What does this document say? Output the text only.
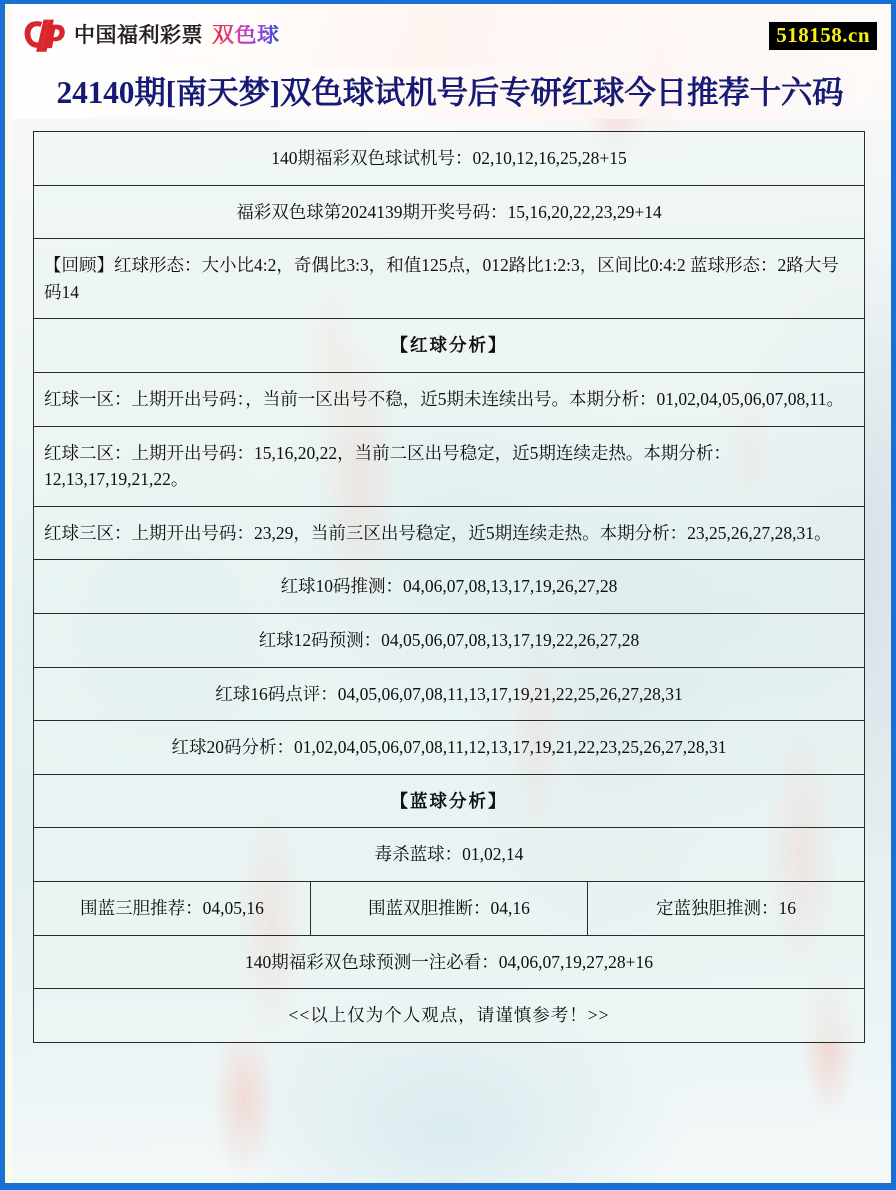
中国福利彩票 双色球	518158.cn
24140期[南天梦]双色球试机号后专研红球今日推荐十六码
140期福彩双色球试机号：02,10,12,16,25,28+15
福彩双色球第2024139期开奖号码：15,16,20,22,23,29+14
【回顾】红球形态：大小比4:2，奇偶比3:3，和值125点，012路比1:2:3，区间比0:4:2 蓝球形态：2路大号码14
【红球分析】
红球一区：上期开出号码：，当前一区出号不稳，近5期未连续出号。本期分析：01,02,04,05,06,07,08,11。
红球二区：上期开出号码：15,16,20,22，当前二区出号稳定，近5期连续走热。本期分析：12,13,17,19,21,22。
红球三区：上期开出号码：23,29，当前三区出号稳定，近5期连续走热。本期分析：23,25,26,27,28,31。
红球10码推测：04,06,07,08,13,17,19,26,27,28
红球12码预测：04,05,06,07,08,13,17,19,22,26,27,28
红球16码点评：04,05,06,07,08,11,13,17,19,21,22,25,26,27,28,31
红球20码分析：01,02,04,05,06,07,08,11,12,13,17,19,21,22,23,25,26,27,28,31
【蓝球分析】
毒杀蓝球：01,02,14
围蓝三胆推荐：04,05,16	围蓝双胆推断：04,16	定蓝独胆推测：16
140期福彩双色球预测一注必看：04,06,07,19,27,28+16
<<以上仅为个人观点，请谨慎参考！>>
